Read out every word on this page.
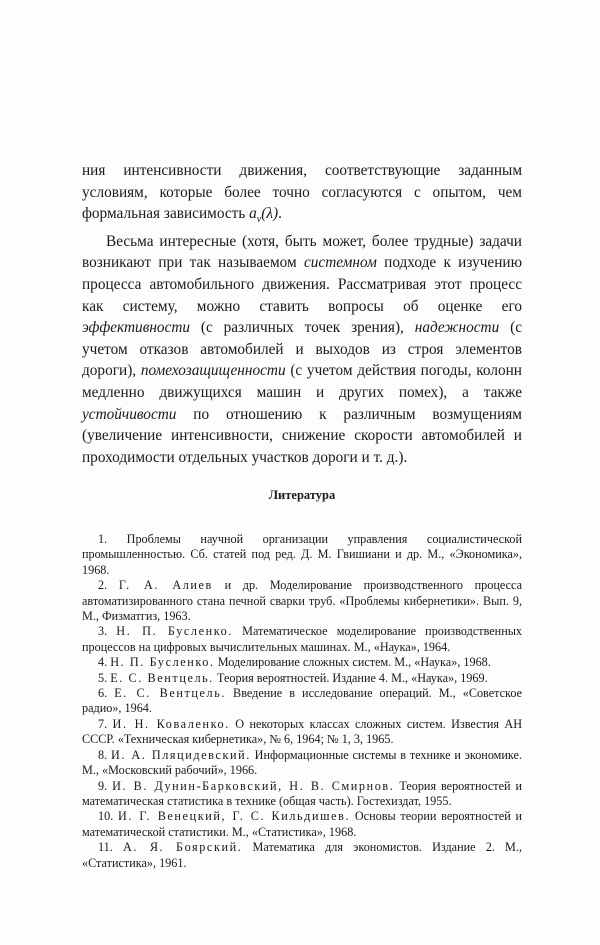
ния интенсивности движения, соответствующие заданным условиям, которые более точно согласуются с опытом, чем формальная зависимость $a_v(\lambda)$.

Весьма интересные (хотя, быть может, более трудные) задачи возникают при так называемом системном подходе к изучению процесса автомобильного движения. Рассматривая этот процесс как систему, можно ставить вопросы об оценке его эффективности (с различных точек зрения), надежности (с учетом отказов автомобилей и выходов из строя элементов дороги), помехозащищенности (с учетом действия погоды, колонн медленно движущихся машин и других помех), а также устойчивости по отношению к различным возмущениям (увеличение интенсивности, снижение скорости автомобилей и проходимости отдельных участков дороги и т. д.).

Литература

1. Проблемы научной организации управления социалистической промышленностью. Сб. статей под ред. Д. М. Гвишиани и др. М., «Экономика», 1968.

2. Г. А. Алиев и др. Моделирование производственного процесса автоматизированного стана печной сварки труб. «Проблемы кибернетики». Вып. 9, М., Физматгиз, 1963.

3. Н. П. Бусленко. Математическое моделирование производственных процессов на цифровых вычислительных машинах. М., «Наука», 1964.

4. Н. П. Бусленко. Моделирование сложных систем. М., «Наука», 1968.

5. Е. С. Вентцель. Теория вероятностей. Издание 4. М., «Наука», 1969.

6. Е. С. Вентцель. Введение в исследование операций. М., «Советское радио», 1964.

7. И. Н. Коваленко. О некоторых классах сложных систем. Известия АН СССР. «Техническая кибернетика», № 6, 1964; № 1, 3, 1965.

8. И. А. Пляцидевский. Информационные системы в технике и экономике. М., «Московский рабочий», 1966.

9. И. В. Дунин-Барковский, Н. В. Смирнов. Теория вероятностей и математическая статистика в технике (общая часть). Гостехиздат, 1955.

10. И. Г. Венецкий, Г. С. Кильдишев. Основы теории вероятностей и математической статистики. М., «Статистика», 1968.

11. А. Я. Боярский. Математика для экономистов. Издание 2. М., «Статистика», 1961.
